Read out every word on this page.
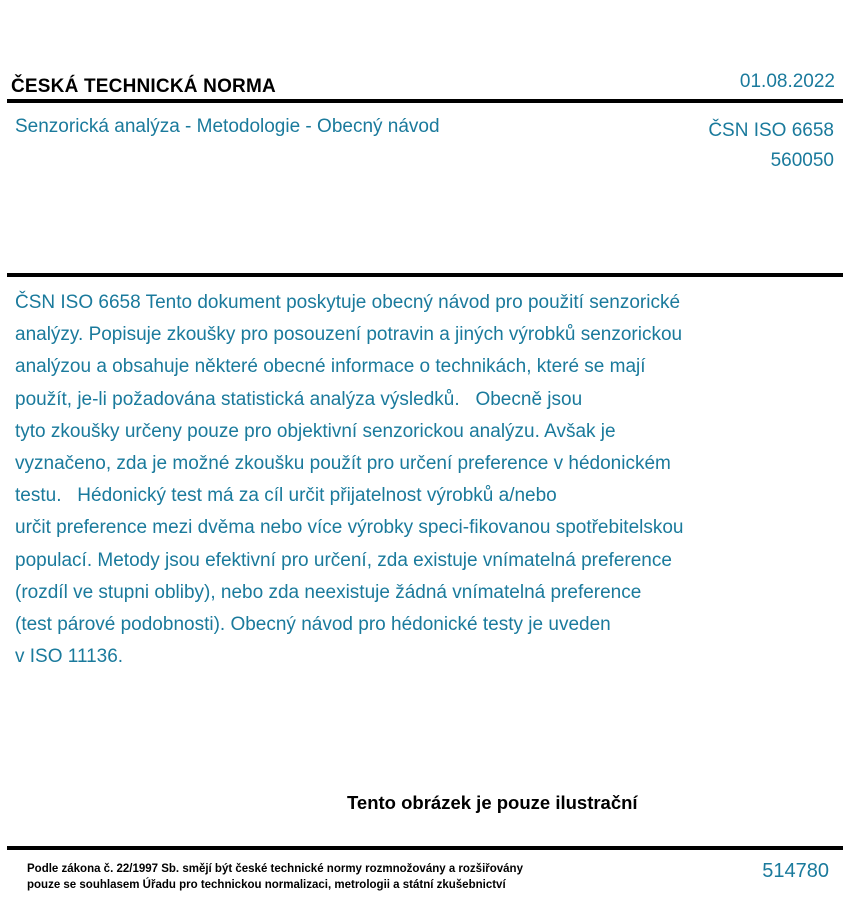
ČESKÁ TECHNICKÁ NORMA	01.08.2022
Senzorická analýza - Metodologie - Obecný návod	ČSN ISO 6658
560050
ČSN ISO 6658 Tento dokument poskytuje obecný návod pro použití senzorické
analýzy. Popisuje zkoušky pro posouzení potravin a jiných výrobků senzorickou
analýzou a obsahuje některé obecné informace o technikách, které se mají
použít, je-li požadována statistická analýza výsledků.   Obecně jsou
tyto zkoušky určeny pouze pro objektivní senzorickou analýzu. Avšak je
vyznačeno, zda je možné zkoušku použít pro určení preference v hédonickém
testu.   Hédonický test má za cíl určit přijatelnost výrobků a/nebo
určit preference mezi dvěma nebo více výrobky speci-fikovanou spotřebitelskou
populací. Metody jsou efektivní pro určení, zda existuje vnímatelná preference
(rozdíl ve stupni obliby), nebo zda neexistuje žádná vnímatelná preference
(test párové podobnosti). Obecný návod pro hédonické testy je uveden
v ISO 11136.
Tento obrázek je pouze ilustrační
Podle zákona č. 22/1997 Sb. smějí být české technické normy rozmnožovány a rozšiřovány
pouze se souhlasem Úřadu pro technickou normalizaci, metrologii a státní zkušebnictví
514780
